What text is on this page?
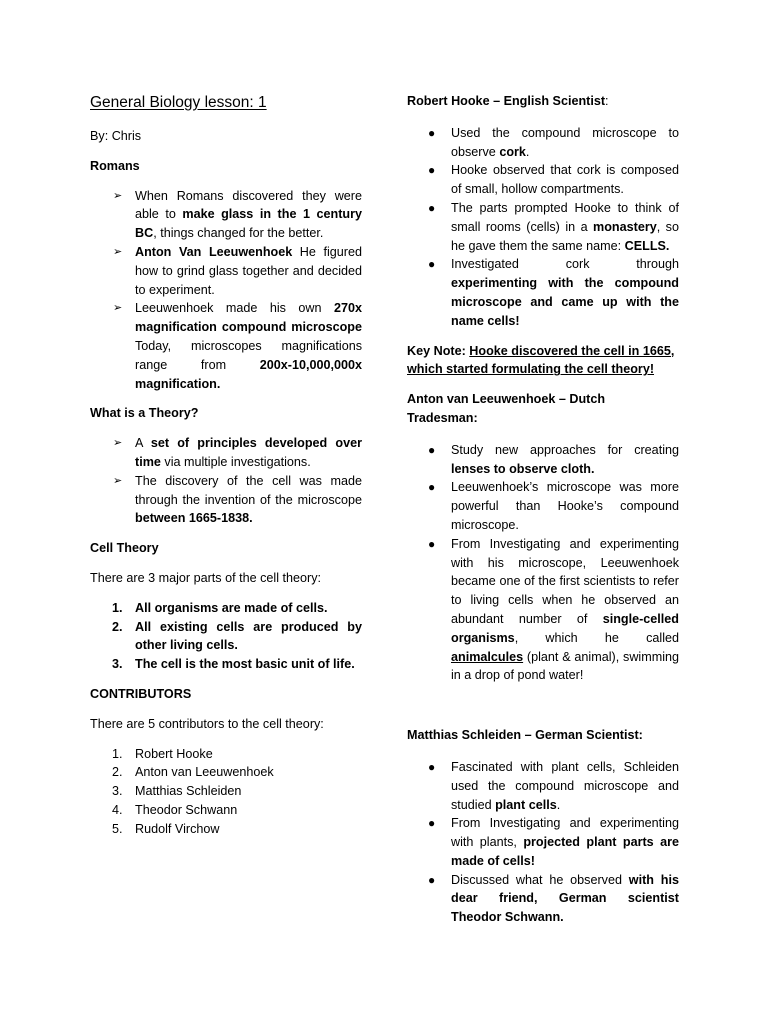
General Biology lesson: 1

By: Chris

Romans
➢ When Romans discovered they were able to make glass in the 1 century BC, things changed for the better.
➢ Anton Van Leeuwenhoek He figured how to grind glass together and decided to experiment.
➢ Leeuwenhoek made his own 270x magnification compound microscope Today, microscopes magnifications range from 200x-10,000,000x magnification.
What is a Theory?
➢ A set of principles developed over time via multiple investigations.
➢ The discovery of the cell was made through the invention of the microscope between 1665-1838.
Cell Theory

There are 3 major parts of the cell theory:

1. All organisms are made of cells.
2. All existing cells are produced by other living cells.
3. The cell is the most basic unit of life.
CONTRIBUTORS

There are 5 contributors to the cell theory:

1. Robert Hooke
2. Anton van Leeuwenhoek
3. Matthias Schleiden
4. Theodor Schwann
5. Rudolf Virchow
Robert Hooke – English Scientist:
● Used the compound microscope to observe cork.
● Hooke observed that cork is composed of small, hollow compartments.
● The parts prompted Hooke to think of small rooms (cells) in a monastery, so he gave them the same name: CELLS.
● Investigated cork through experimenting with the compound microscope and came up with the name cells!
Key Note: Hooke discovered the cell in 1665, which started formulating the cell theory!
Anton van Leeuwenhoek – Dutch Tradesman:
● Study new approaches for creating lenses to observe cloth.
● Leeuwenhoek’s microscope was more powerful than Hooke’s compound microscope.
● From Investigating and experimenting with his microscope, Leeuwenhoek became one of the first scientists to refer to living cells when he observed an abundant number of single-celled organisms, which he called animalcules (plant & animal), swimming in a drop of pond water!
Matthias Schleiden – German Scientist:
● Fascinated with plant cells, Schleiden used the compound microscope and studied plant cells.
● From Investigating and experimenting with plants, projected plant parts are made of cells!
● Discussed what he observed with his dear friend, German scientist Theodor Schwann.
